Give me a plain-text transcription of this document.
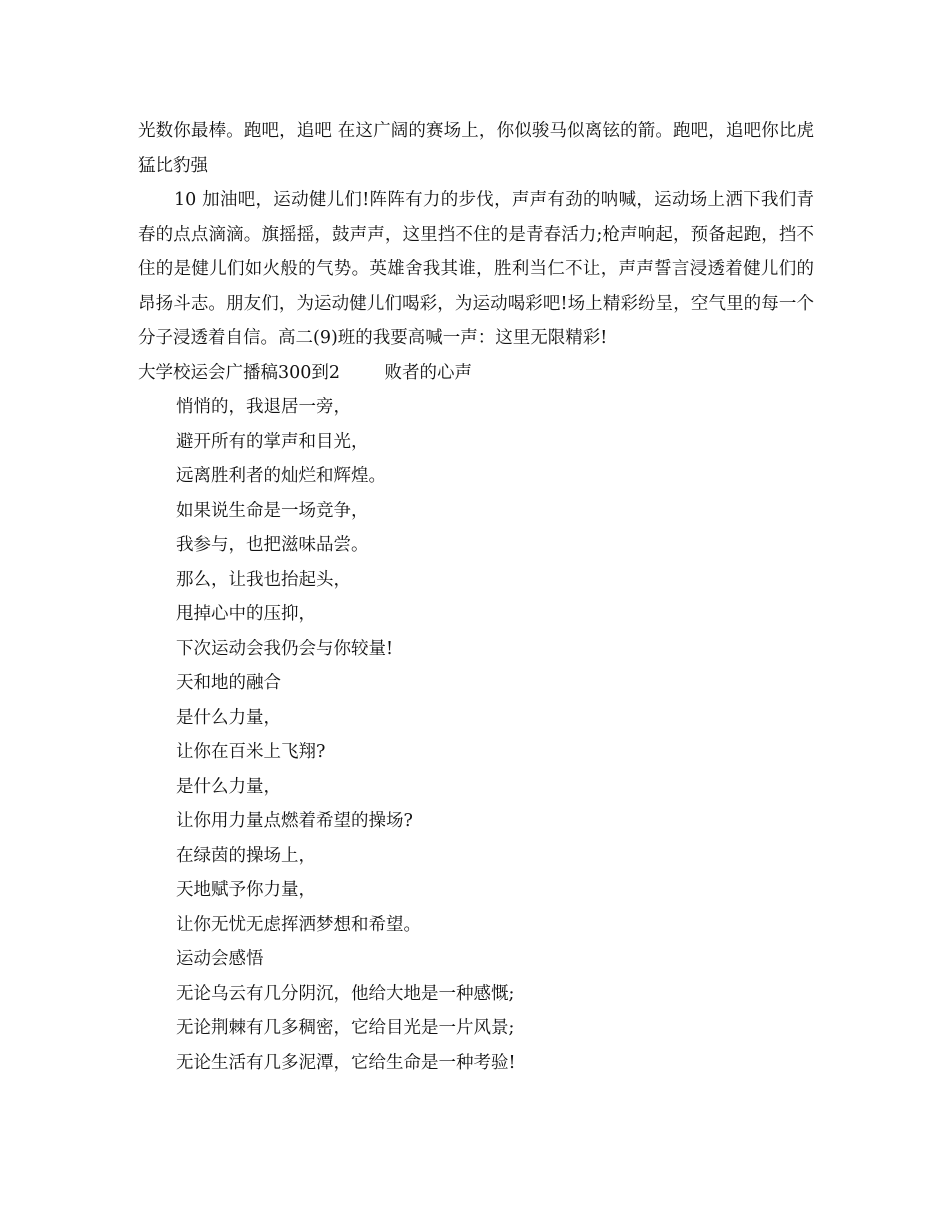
光数你最棒。跑吧，追吧 在这广阔的赛场上，你似骏马似离铉的箭。跑吧，追吧你比虎猛比豹强

10 加油吧，运动健儿们!阵阵有力的步伐，声声有劲的呐喊，运动场上洒下我们青春的点点滴滴。旗摇摇，鼓声声，这里挡不住的是青春活力;枪声响起，预备起跑，挡不住的是健儿们如火般的气势。英雄舍我其谁，胜利当仁不让，声声誓言浸透着健儿们的昂扬斗志。朋友们，为运动健儿们喝彩，为运动喝彩吧!场上精彩纷呈，空气里的每一个分子浸透着自信。高二(9)班的我要高喊一声：这里无限精彩!

大学校运会广播稿300到2        败者的心声

悄悄的，我退居一旁，
避开所有的掌声和目光，
远离胜利者的灿烂和辉煌。
如果说生命是一场竞争，
我参与，也把滋味品尝。
那么，让我也抬起头，
甩掉心中的压抑，
下次运动会我仍会与你较量!
天和地的融合
是什么力量，
让你在百米上飞翔?
是什么力量，
让你用力量点燃着希望的操场?
在绿茵的操场上，
天地赋予你力量，
让你无忧无虑挥洒梦想和希望。
运动会感悟
无论乌云有几分阴沉，他给大地是一种感慨;
无论荆棘有几多稠密，它给目光是一片风景;
无论生活有几多泥潭，它给生命是一种考验!
